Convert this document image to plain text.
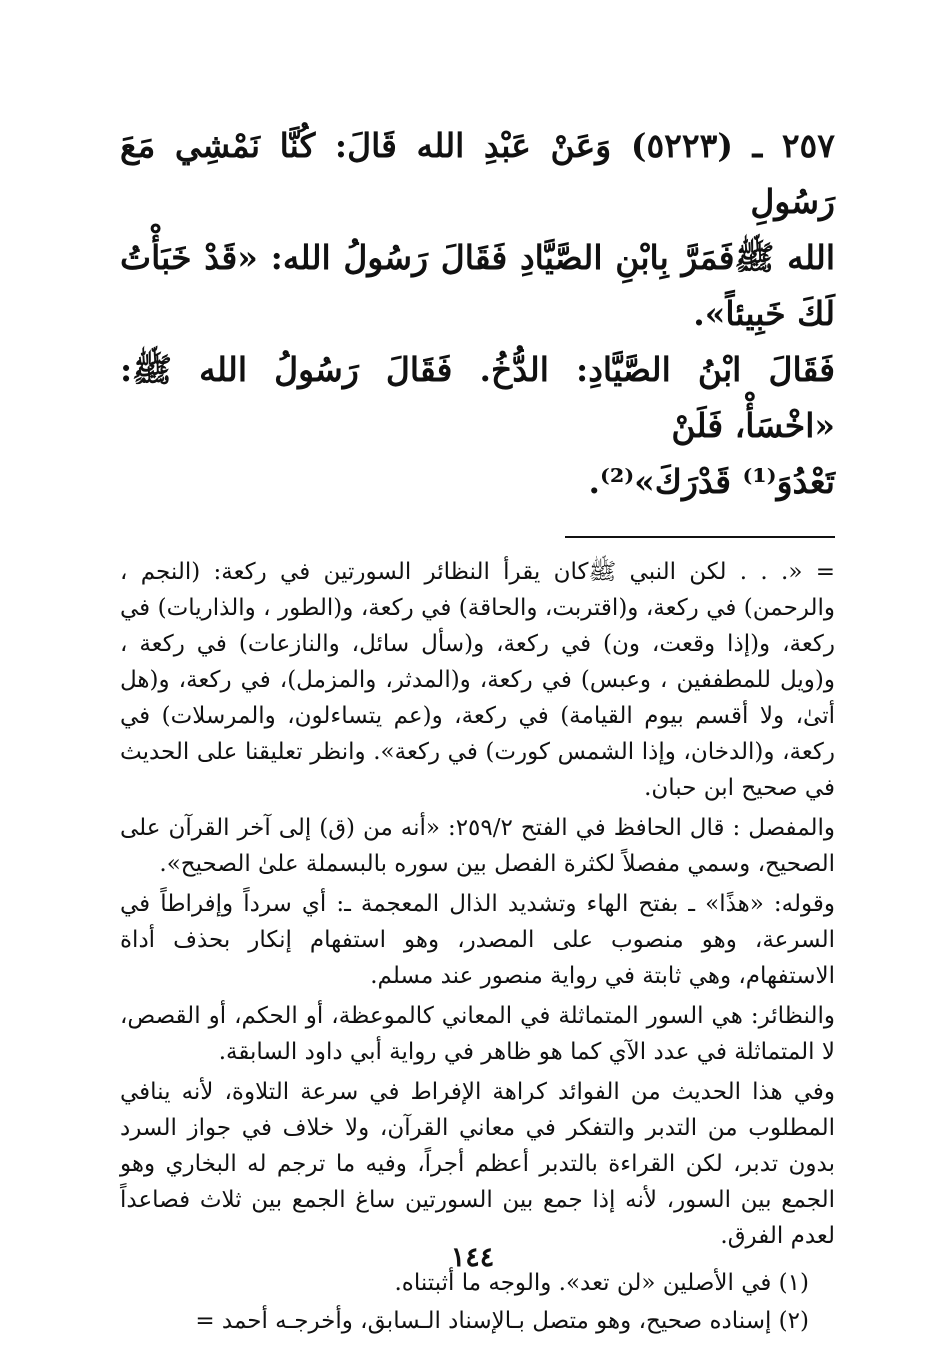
٢٥٧ ـ (٥٢٢٣) وَعَنْ عَبْدِ الله قَالَ: كُنَّا نَمْشِي مَعَ رَسُولِ

الله ﷺفَمَرَّ بِابْنِ الصَّيَّادِ فَقَالَ رَسُولُ الله: «قَدْ خَبَأْتُ لَكَ خَبِيئاً».

فَقَالَ ابْنُ الصَّيَّادِ: الدُّخُ. فَقَالَ رَسُولُ الله ﷺ: «اخْسَأْ، فَلَنْ

تَعْدُوَ⁽¹⁾ قَدْرَكَ»⁽²⁾.

= «. . . لكن النبي ﷺكان يقرأ النظائر السورتين في ركعة: (النجم ، والرحمن) في ركعة، و(اقتربت، والحاقة) في ركعة، و(الطور ، والذاريات) في ركعة، و(إذا وقعت، ون) في ركعة، و(سأل سائل، والنازعات) في ركعة ، و(ويل للمطففين ، وعبس) في ركعة، و(المدثر، والمزمل)، في ركعة، و(هل أتىٰ، ولا أقسم بيوم القيامة) في ركعة، و(عم يتساءلون، والمرسلات) في ركعة، و(الدخان، وإذا الشمس كورت) في ركعة». وانظر تعليقنا على الحديث في صحيح ابن حبان.

والمفصل : قال الحافظ في الفتح ٢٥٩/٢: «أنه من (ق) إلى آخر القرآن على الصحيح، وسمي مفصلاً لكثرة الفصل بين سوره بالبسملة علىٰ الصحيح».

وقوله: «هذًا» ـ بفتح الهاء وتشديد الذال المعجمة ـ: أي سرداً وإفراطاً في السرعة، وهو منصوب على المصدر، وهو استفهام إنكار بحذف أداة الاستفهام، وهي ثابتة في رواية منصور عند مسلم.

والنظائر: هي السور المتماثلة في المعاني كالموعظة، أو الحكم، أو القصص، لا المتماثلة في عدد الآي كما هو ظاهر في رواية أبي داود السابقة.

وفي هذا الحديث من الفوائد كراهة الإفراط في سرعة التلاوة، لأنه ينافي المطلوب من التدبر والتفكر في معاني القرآن، ولا خلاف في جواز السرد بدون تدبر، لكن القراءة بالتدبر أعظم أجراً، وفيه ما ترجم له البخاري وهو الجمع بين السور، لأنه إذا جمع بين السورتين ساغ الجمع بين ثلاث فصاعداً لعدم الفرق.

(١) في الأصلين «لن تعد». والوجه ما أثبتناه.

(٢) إسناده صحيح، وهو متصل بـالإسناد الـسابق، وأخرجـه أحمد =

١٤٤
